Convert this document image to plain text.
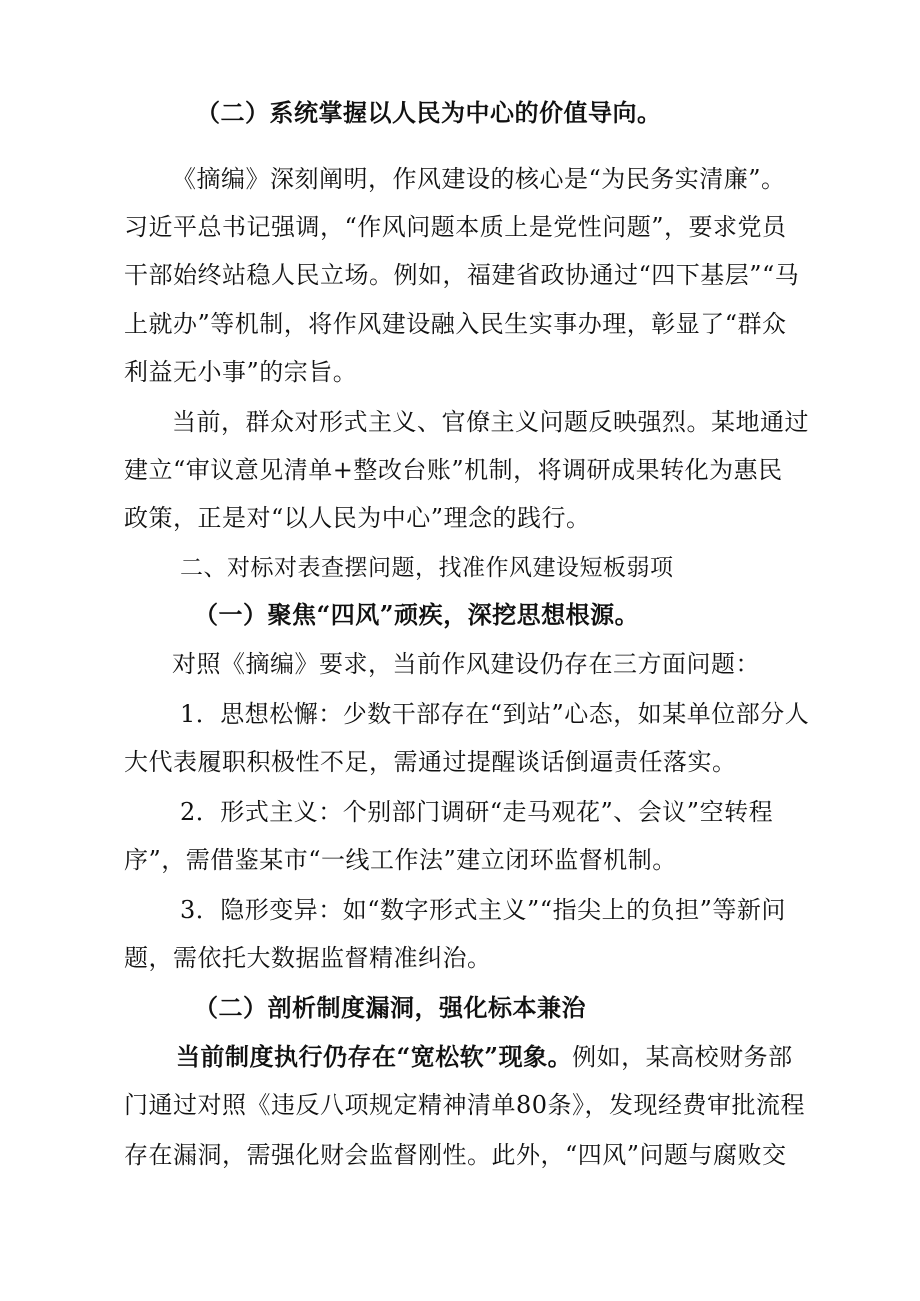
（二）系统掌握以人民为中心的价值导向。
《摘编》深刻阐明，作风建设的核心是“为民务实清廉”。
习近平总书记强调，“作风问题本质上是党性问题”，要求党员
干部始终站稳人民立场。例如，福建省政协通过“四下基层”“马
上就办”等机制，将作风建设融入民生实事办理，彰显了“群众
利益无小事”的宗旨。
当前，群众对形式主义、官僚主义问题反映强烈。某地通过
建立“审议意见清单+整改台账”机制，将调研成果转化为惠民
政策，正是对“以人民为中心”理念的践行。
二、对标对表查摆问题，找准作风建设短板弱项
（一）聚焦“四风”顽疾，深挖思想根源。
对照《摘编》要求，当前作风建设仍存在三方面问题：
1．思想松懈：少数干部存在“到站”心态，如某单位部分人
大代表履职积极性不足，需通过提醒谈话倒逼责任落实。
2．形式主义：个别部门调研“走马观花”、会议”空转程
序”，需借鉴某市“一线工作法”建立闭环监督机制。
3．隐形变异：如“数字形式主义”“指尖上的负担”等新问
题，需依托大数据监督精准纠治。
（二）剖析制度漏洞，强化标本兼治
当前制度执行仍存在“宽松软”现象。例如，某高校财务部
门通过对照《违反八项规定精神清单80条》，发现经费审批流程
存在漏洞，需强化财会监督刚性。此外，“四风”问题与腐败交
